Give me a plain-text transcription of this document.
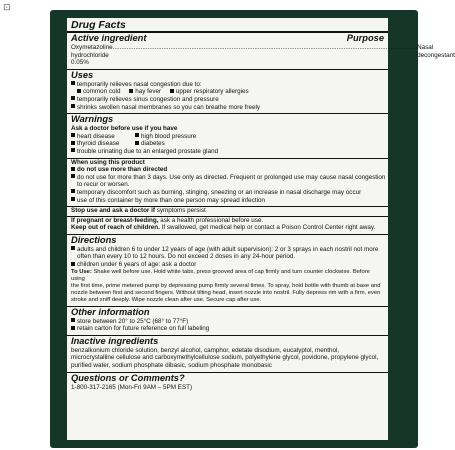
⊡
Drug Facts
Active ingredient	Purpose
Oxymetazoline hydrochloride 0.05%
.............................................................................................................................................................................. Nasal decongestant
Uses
temporarily relieves nasal congestion due to:
common cold hay fever upper respiratory allergies
temporarily relieves sinus congestion and pressure
shrinks swollen nasal membranes so you can breathe more freely
Warnings
Ask a doctor before use if you have
heart disease	high blood pressure
thyroid disease	diabetes
trouble urinating due to an enlarged prostate gland
When using this product
do not use more than directed
do not use for more than 3 days. Use only as directed. Frequent or prolonged use may cause nasal congestion
to recur or worsen.
temporary discomfort such as burning, stinging, sneezing or an increase in nasal discharge may occur
use of this container by more than one person may spread infection
Stop use and ask a doctor if symptoms persist
If pregnant or breast-feeding, ask a health professional before use.
Keep out of reach of children. If swallowed, get medical help or contact a Poison Control Center right away.
Directions
adults and children 6 to under 12 years of age (with adult supervision): 2 or 3 sprays in each nostril not more
often than every 10 to 12 hours. Do not exceed 2 doses in any 24-hour period.
children under 6 years of age: ask a doctor
To Use: Shake well before use. Hold white tabs, press grooved area of cap firmly and turn counter clockwise. Before using
the first time, prime metered pump by depressing pump firmly several times. To spray, hold bottle with thumb at base and
nozzle between first and second fingers. Without tilting head, insert nozzle into nostril. Fully depress rim with a firm, even
stroke and sniff deeply. Wipe nozzle clean after use. Secure cap after use.
Other information
store between 20° to 25°C (68° to 77°F)
retain carton for future reference on full labeling
Inactive ingredients
benzalkonium chloride solution, benzyl alcohol, camphor, edetate disodium, eucalyptol, menthol,
microcrystalline cellulose and carboxymethylcellulose sodium, polyethylene glycol, povidone, propylene glycol,
purified water, sodium phosphate dibasic, sodium phosphate monobasic
Questions or Comments?
1-800-317-2165 (Mon-Fri 9AM – 5PM EST)
